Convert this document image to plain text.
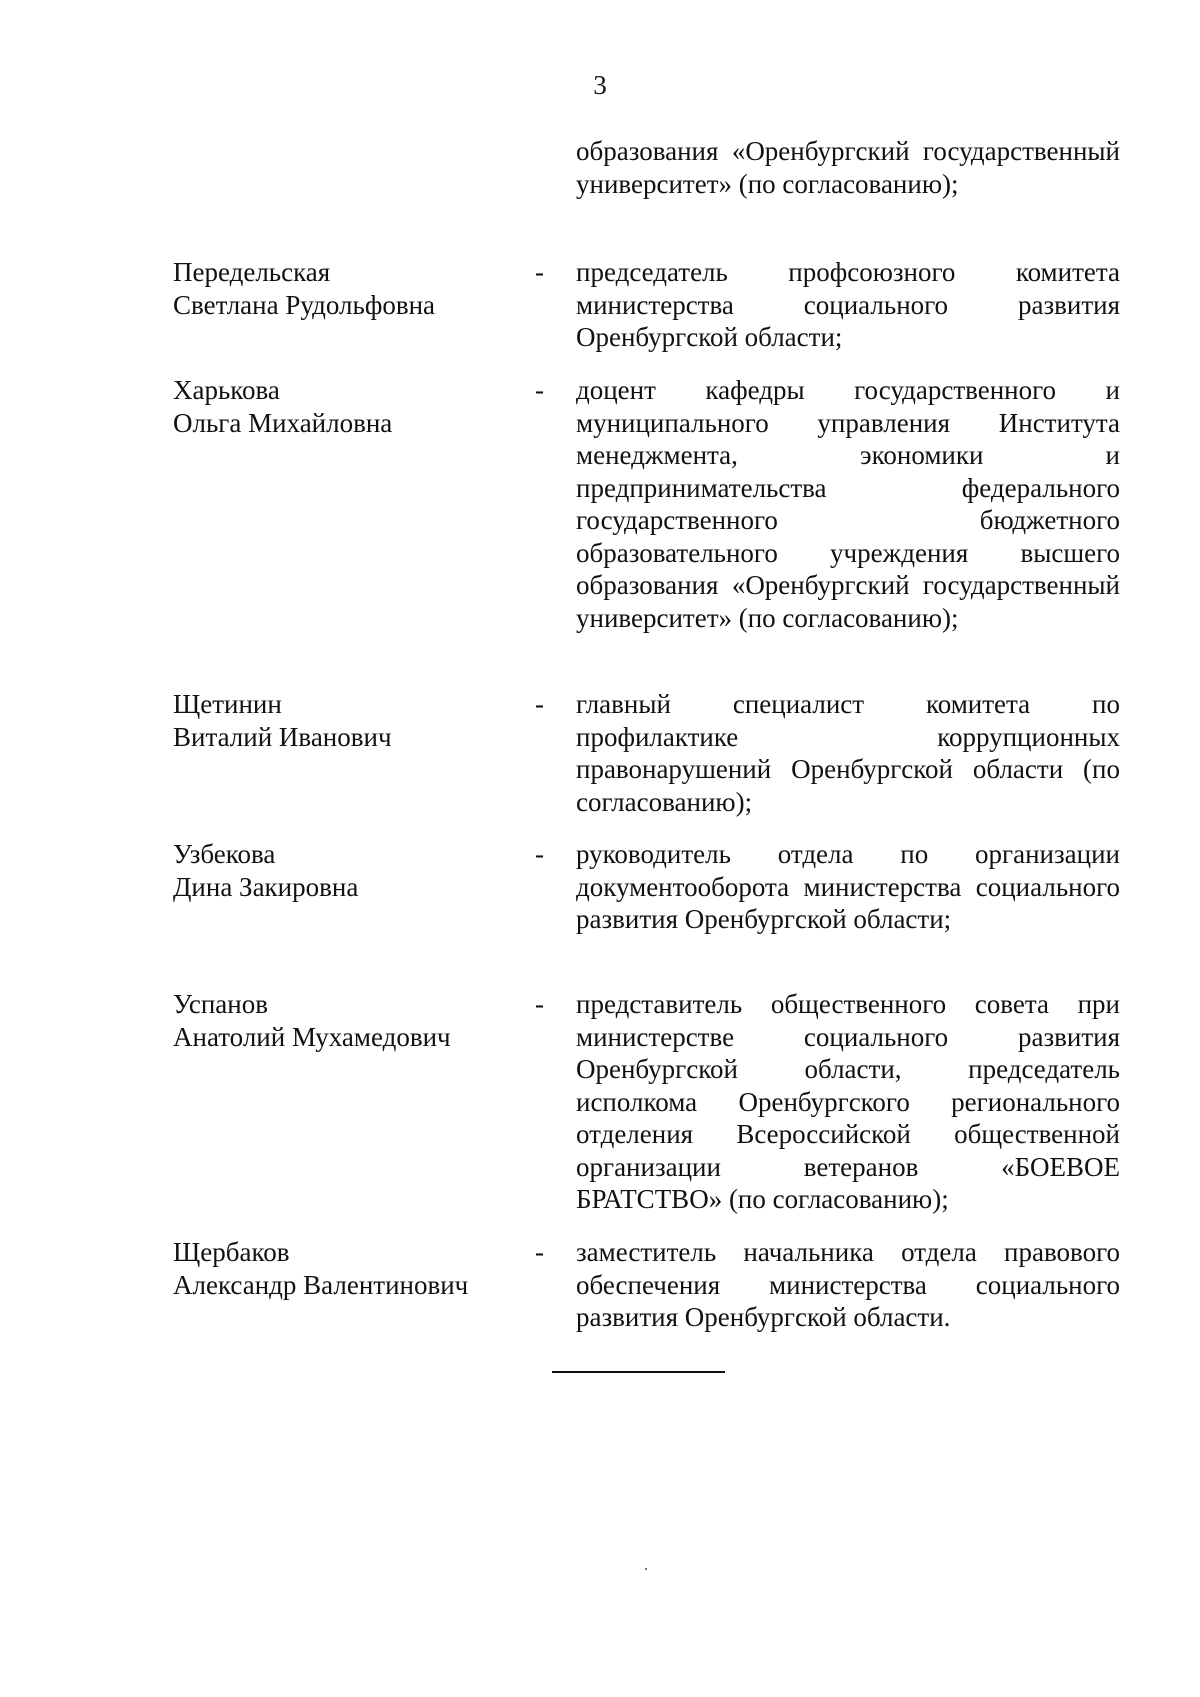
3
образования «Оренбургский государственный университет» (по согласованию);
Передельская
Светлана Рудольфовна
- председатель профсоюзного комитета министерства социального развития Оренбургской области;
Харькова
Ольга Михайловна
- доцент кафедры государственного и муниципального управления Института менеджмента, экономики и предпринимательства федерального государственного бюджетного образовательного учреждения высшего образования «Оренбургский государственный университет» (по согласованию);
Щетинин
Виталий Иванович
- главный специалист комитета по профилактике коррупционных правонарушений Оренбургской области (по согласованию);
Узбекова
Дина Закировна
- руководитель отдела по организации документооборота министерства социального развития Оренбургской области;
Успанов
Анатолий Мухамедович
- представитель общественного совета при министерстве социального развития Оренбургской области, председатель исполкома Оренбургского регионального отделения Всероссийской общественной организации ветеранов «БОЕВОЕ БРАТСТВО» (по согласованию);
Щербаков
Александр Валентинович
- заместитель начальника отдела правового обеспечения министерства социального развития Оренбургской области.
